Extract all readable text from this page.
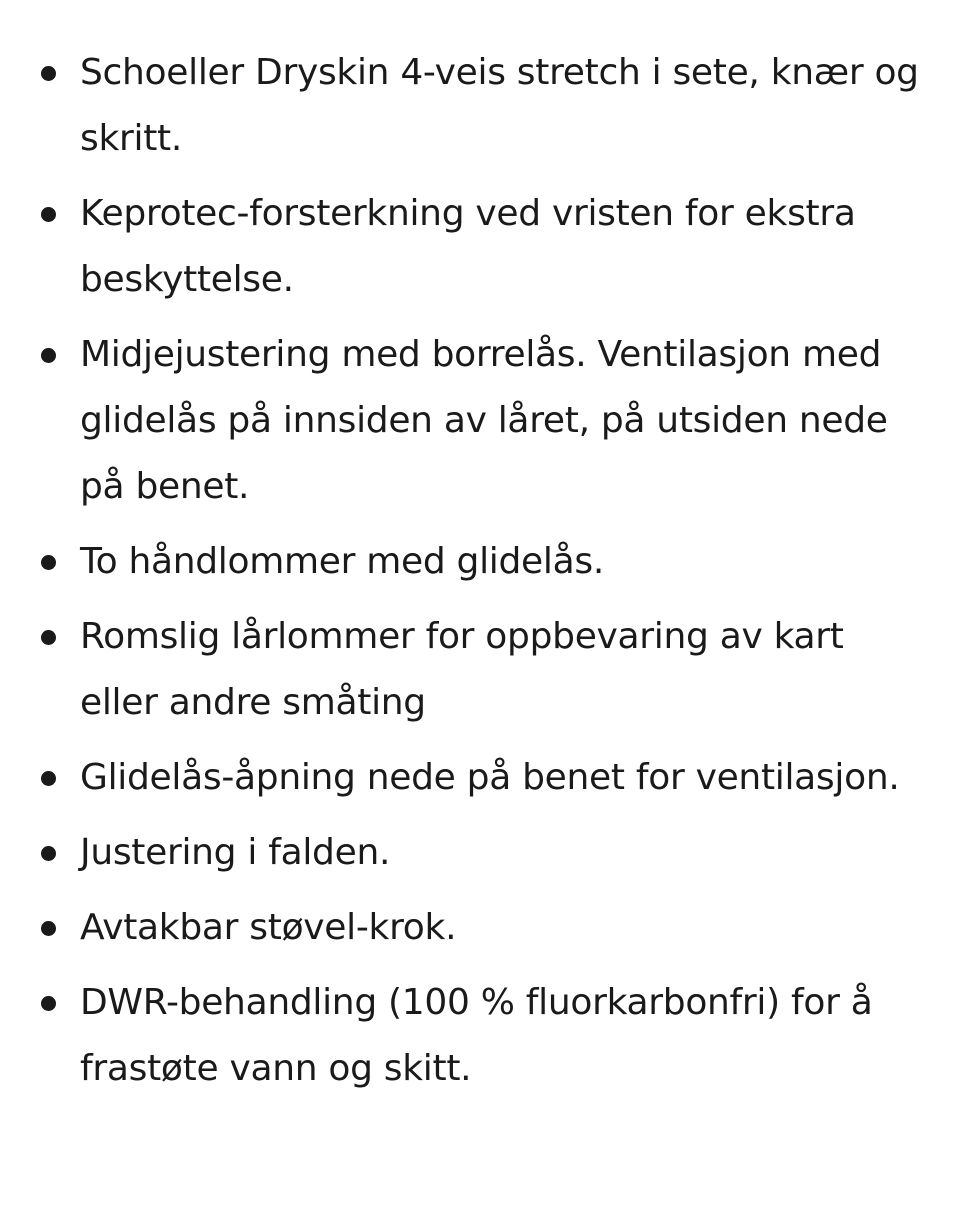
Schoeller Dryskin 4-veis stretch i sete, knær og skritt.
Keprotec-forsterkning ved vristen for ekstra beskyttelse.
Midjejustering med borrelås. Ventilasjon med glidelås på innsiden av låret, på utsiden nede på benet.
To håndlommer med glidelås.
Romslig lårlommer for oppbevaring av kart eller andre småting
Glidelås-åpning nede på benet for ventilasjon.
Justering i falden.
Avtakbar støvel-krok.
DWR-behandling (100 % fluorkarbonfri) for å frastøte vann og skitt.
